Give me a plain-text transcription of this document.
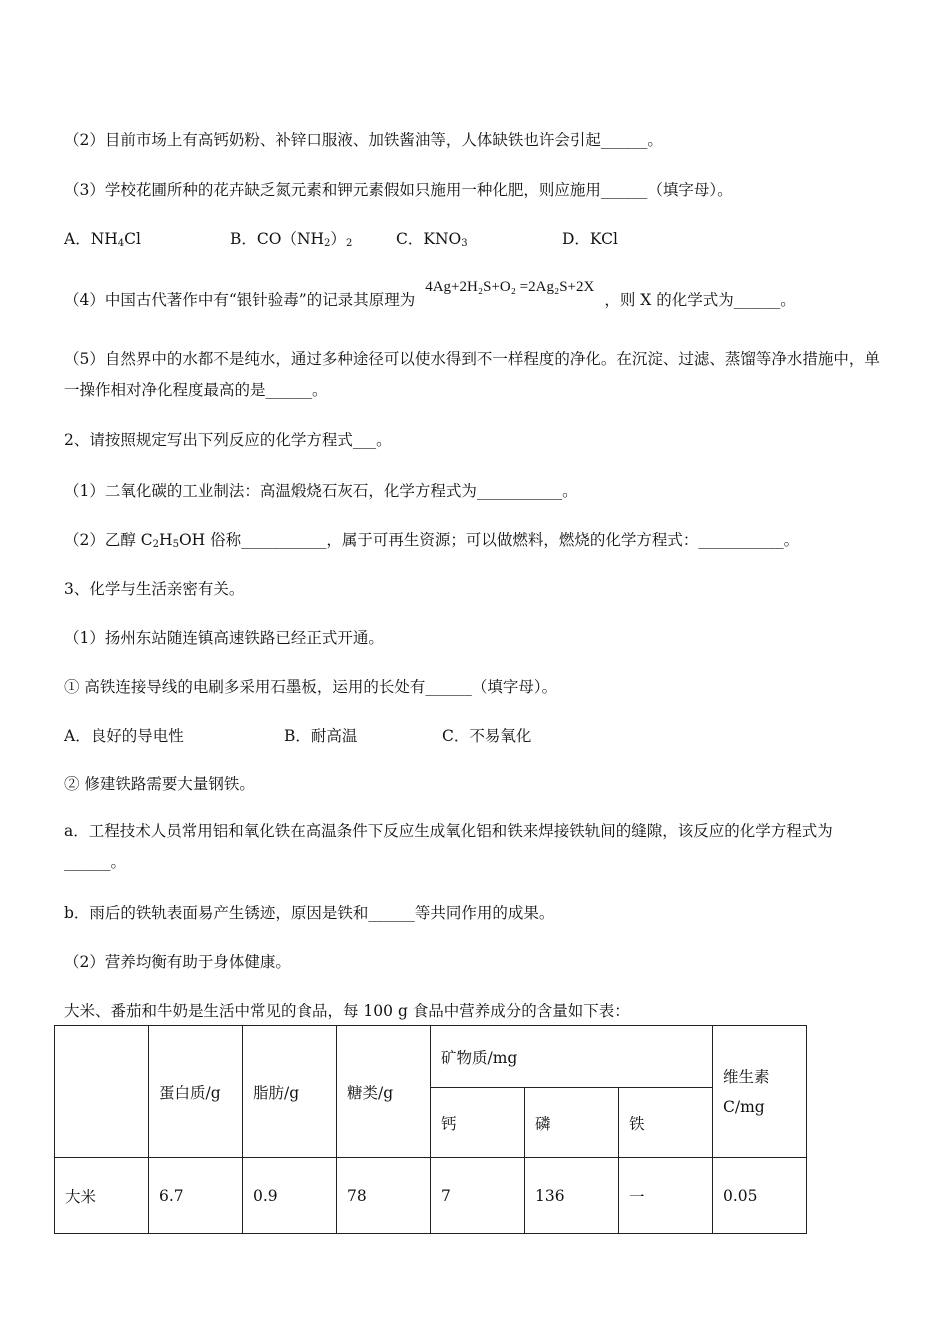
（2）目前市场上有高钙奶粉、补锌口服液、加铁酱油等，人体缺铁也许会引起______。
（3）学校花圃所种的花卉缺乏氮元素和钾元素假如只施用一种化肥，则应施用______（填字母）。
A．$NH_4Cl$	B．$CO(NH_2)_2$	C．$KNO_3$	D．KCl
（4）中国古代著作中有“银针验毒”的记录其原理为4Ag+2H₂S+O₂ =2Ag₂S+2X，则 X 的化学式为______。
（5）自然界中的水都不是纯水，通过多种途径可以使水得到不一样程度的净化。在沉淀、过滤、蒸馏等净水措施中，单一操作相对净化程度最高的是______。
2、请按照规定写出下列反应的化学方程式___。
（1）二氧化碳的工业制法：高温煅烧石灰石，化学方程式为___________。
（2）乙醇 $C_2H_5OH$ 俗称___________，属于可再生资源；可以做燃料，燃烧的化学方程式：___________。
3、化学与生活亲密有关。
（1）扬州东站随连镇高速铁路已经正式开通。
① 高铁连接导线的电刷多采用石墨板，运用的长处有______（填字母）。
A．良好的导电性	B．耐高温	C．不易氧化
② 修建铁路需要大量钢铁。
a．工程技术人员常用铝和氧化铁在高温条件下反应生成氧化铝和铁来焊接铁轨间的缝隙，该反应的化学方程式为______。
b．雨后的铁轨表面易产生锈迹，原因是铁和______等共同作用的成果。
（2）营养均衡有助于身体健康。
大米、番茄和牛奶是生活中常见的食品，每 100 g 食品中营养成分的含量如下表：
	蛋白质/g	脂肪/g	糖类/g	矿物质/mg			维生素C/mg
				钙	磷	铁	
大米	6.7	0.9	78	7	136	一	0.05
